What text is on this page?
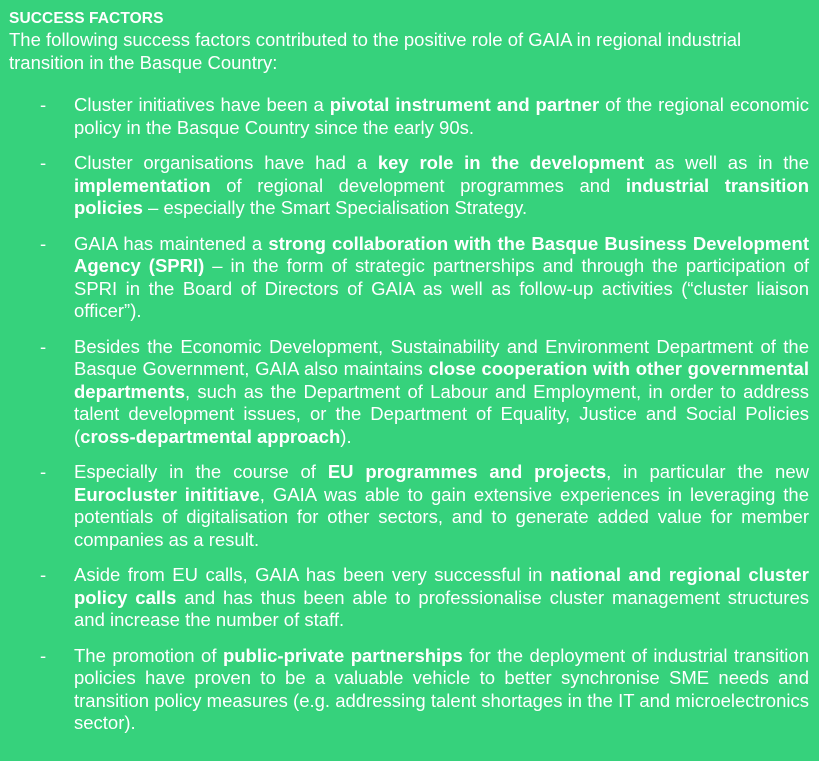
SUCCESS FACTORS

The following success factors contributed to the positive role of GAIA in regional industrial transition in the Basque Country:

- Cluster initiatives have been a pivotal instrument and partner of the regional economic policy in the Basque Country since the early 90s.
- Cluster organisations have had a key role in the development as well as in the implementation of regional development programmes and industrial transition policies – especially the Smart Specialisation Strategy.
- GAIA has maintened a strong collaboration with the Basque Business Development Agency (SPRI) – in the form of strategic partnerships and through the participation of SPRI in the Board of Directors of GAIA as well as follow-up activities (“cluster liaison officer”).
- Besides the Economic Development, Sustainability and Environment Department of the Basque Government, GAIA also maintains close cooperation with other governmental departments, such as the Department of Labour and Employment, in order to address talent development issues, or the Department of Equality, Justice and Social Policies (cross-departmental approach).
- Especially in the course of EU programmes and projects, in particular the new Eurocluster inititiave, GAIA was able to gain extensive experiences in leveraging the potentials of digitalisation for other sectors, and to generate added value for member companies as a result.
- Aside from EU calls, GAIA has been very successful in national and regional cluster policy calls and has thus been able to professionalise cluster management structures and increase the number of staff.
- The promotion of public-private partnerships for the deployment of industrial transition policies have proven to be a valuable vehicle to better synchronise SME needs and transition policy measures (e.g. addressing talent shortages in the IT and microelectronics sector).
